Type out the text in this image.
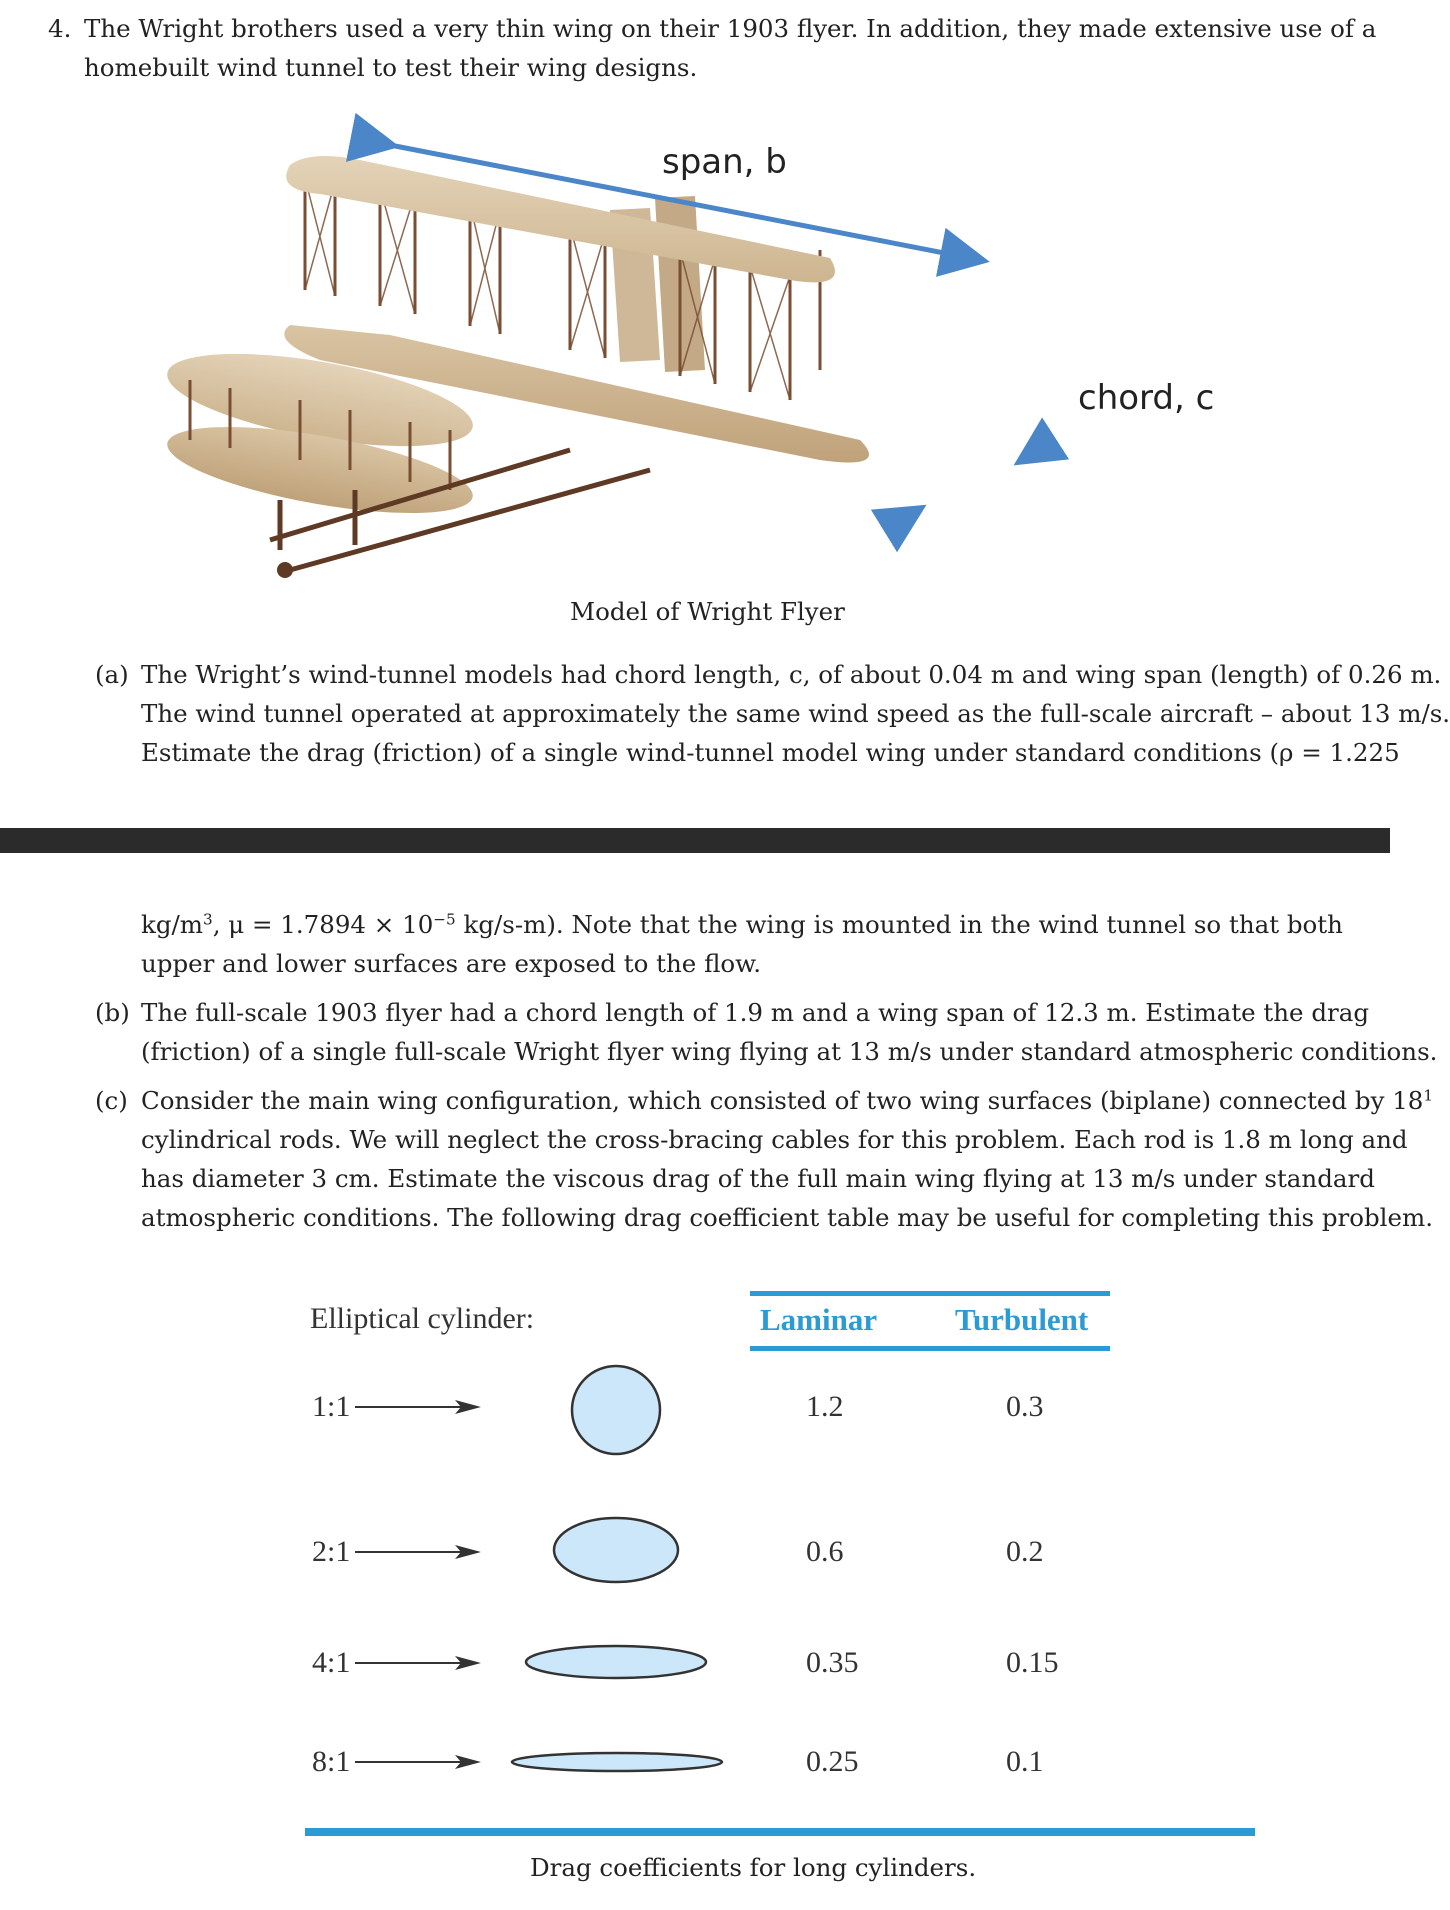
4. The Wright brothers used a very thin wing on their 1903 flyer. In addition, they made extensive use of a
homebuilt wind tunnel to test their wing designs.
span, b
chord, c
Model of Wright Flyer
(a) The Wright’s wind-tunnel models had chord length, c, of about 0.04 m and wing span (length) of 0.26 m.
The wind tunnel operated at approximately the same wind speed as the full-scale aircraft – about 13 m/s.
Estimate the drag (friction) of a single wind-tunnel model wing under standard conditions (ρ = 1.225
$kg/m^3$, $\mu = 1.7894 \times 10^{-5}$ kg/s-m). Note that the wing is mounted in the wind tunnel so that both
upper and lower surfaces are exposed to the flow.
(b) The full-scale 1903 flyer had a chord length of 1.9 m and a wing span of 12.3 m. Estimate the drag
(friction) of a single full-scale Wright flyer wing flying at 13 m/s under standard atmospheric conditions.
(c) Consider the main wing configuration, which consisted of two wing surfaces (biplane) connected by $18^1$
cylindrical rods. We will neglect the cross-bracing cables for this problem. Each rod is 1.8 m long and
has diameter 3 cm. Estimate the viscous drag of the full main wing flying at 13 m/s under standard
atmospheric conditions. The following drag coefficient table may be useful for completing this problem.
Elliptical cylinder:	Laminar	Turbulent
1:1	1.2	0.3
2:1	0.6	0.2
4:1	0.35	0.15
8:1	0.25	0.1
Drag coefficients for long cylinders.
